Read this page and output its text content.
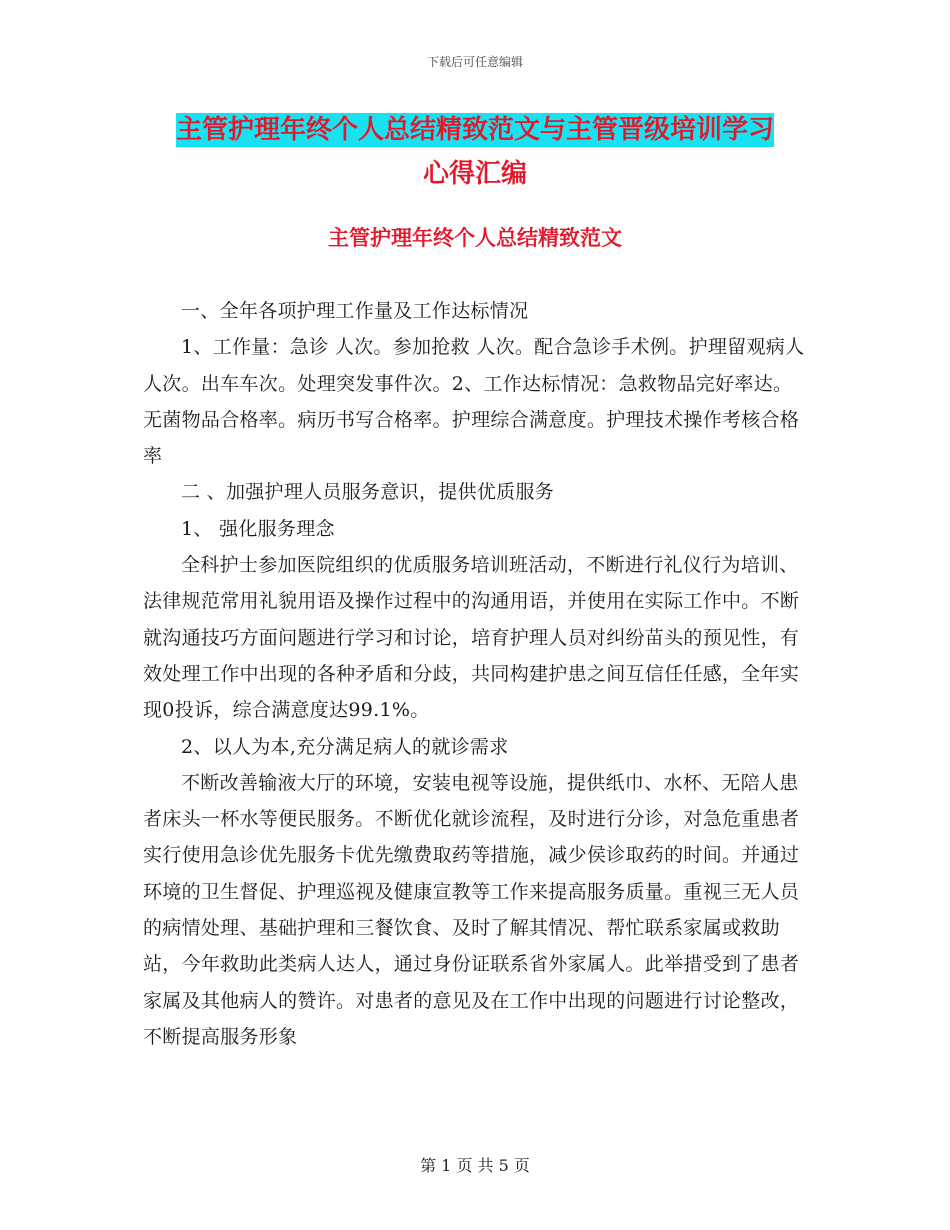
下载后可任意编辑
主管护理年终个人总结精致范文与主管晋级培训学习
心得汇编
主管护理年终个人总结精致范文

一、全年各项护理工作量及工作达标情况

1、工作量：急诊 人次。参加抢救 人次。配合急诊手术例。护理留观病人人次。出车车次。处理突发事件次。2、工作达标情况：急救物品完好率达。无菌物品合格率。病历书写合格率。护理综合满意度。护理技术操作考核合格率

二 、加强护理人员服务意识，提供优质服务

1、 强化服务理念

全科护士参加医院组织的优质服务培训班活动，不断进行礼仪行为培训、法律规范常用礼貌用语及操作过程中的沟通用语，并使用在实际工作中。不断就沟通技巧方面问题进行学习和讨论，培育护理人员对纠纷苗头的预见性，有效处理工作中出现的各种矛盾和分歧，共同构建护患之间互信任任感，全年实现0投诉，综合满意度达99.1%。

2、以人为本,充分满足病人的就诊需求

不断改善输液大厅的环境，安装电视等设施，提供纸巾、水杯、无陪人患者床头一杯水等便民服务。不断优化就诊流程，及时进行分诊，对急危重患者实行使用急诊优先服务卡优先缴费取药等措施，减少侯诊取药的时间。并通过环境的卫生督促、护理巡视及健康宣教等工作来提高服务质量。重视三无人员的病情处理、基础护理和三餐饮食、及时了解其情况、帮忙联系家属或救助站，今年救助此类病人达人，通过身份证联系省外家属人。此举措受到了患者家属及其他病人的赞许。对患者的意见及在工作中出现的问题进行讨论整改，不断提高服务形象

第 1 页 共 5 页
